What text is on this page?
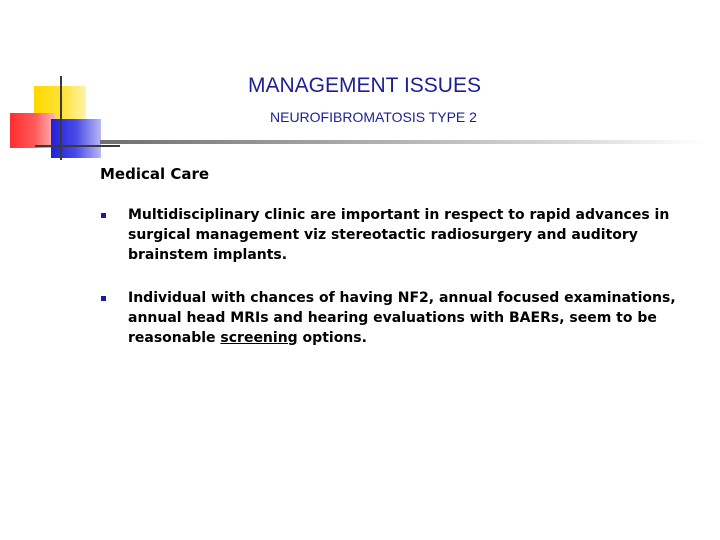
MANAGEMENT ISSUES
NEUROFIBROMATOSIS TYPE 2

Medical Care

Multidisciplinary clinic are important in respect to rapid advances in surgical management viz stereotactic radiosurgery and auditory brainstem implants.
Individual with chances of having NF2, annual focused examinations, annual head MRIs and hearing evaluations with BAERs, seem to be reasonable screening options.
